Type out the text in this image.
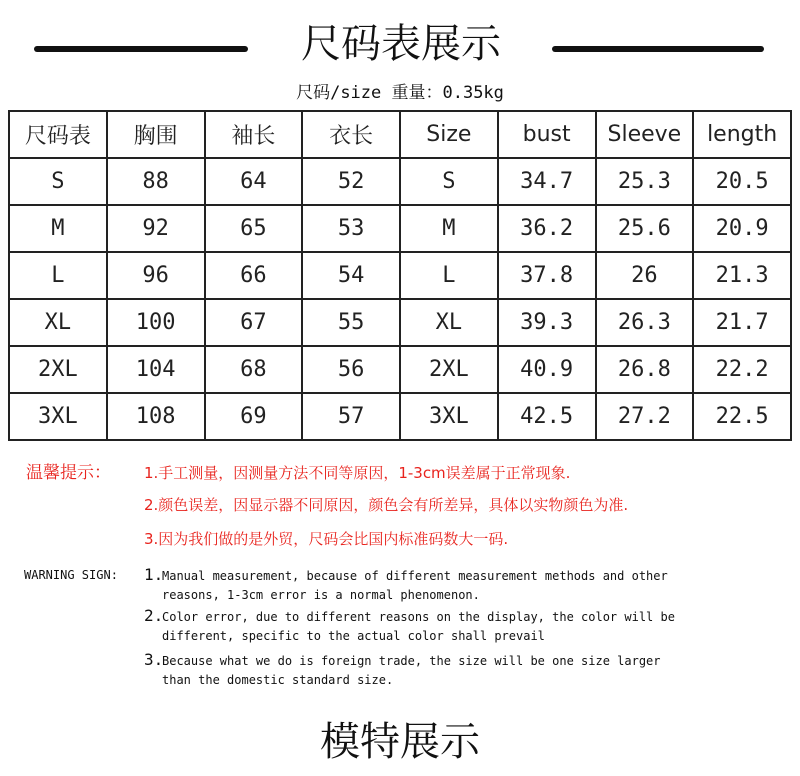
尺码表展示
尺码/size 重量：0.35kg
尺码表	胸围	袖长	衣长	Size	bust	Sleeve	length
S	88	64	52	S	34.7	25.3	20.5
M	92	65	53	M	36.2	25.6	20.9
L	96	66	54	L	37.8	26	21.3
XL	100	67	55	XL	39.3	26.3	21.7
2XL	104	68	56	2XL	40.9	26.8	22.2
3XL	108	69	57	3XL	42.5	27.2	22.5
温馨提示： 1.手工测量，因测量方法不同等原因，1-3cm误差属于正常现象.
2.颜色误差，因显示器不同原因，颜色会有所差异，具体以实物颜色为准.
3.因为我们做的是外贸，尺码会比国内标准码数大一码.
WARNING SIGN: 1.
Manual measurement, because of different measurement methods and other
reasons, 1-3cm error is a normal phenomenon.
2.
Color error, due to different reasons on the display, the color will be
different, specific to the actual color shall prevail
3.
Because what we do is foreign trade, the size will be one size larger
than the domestic standard size.
模特展示
